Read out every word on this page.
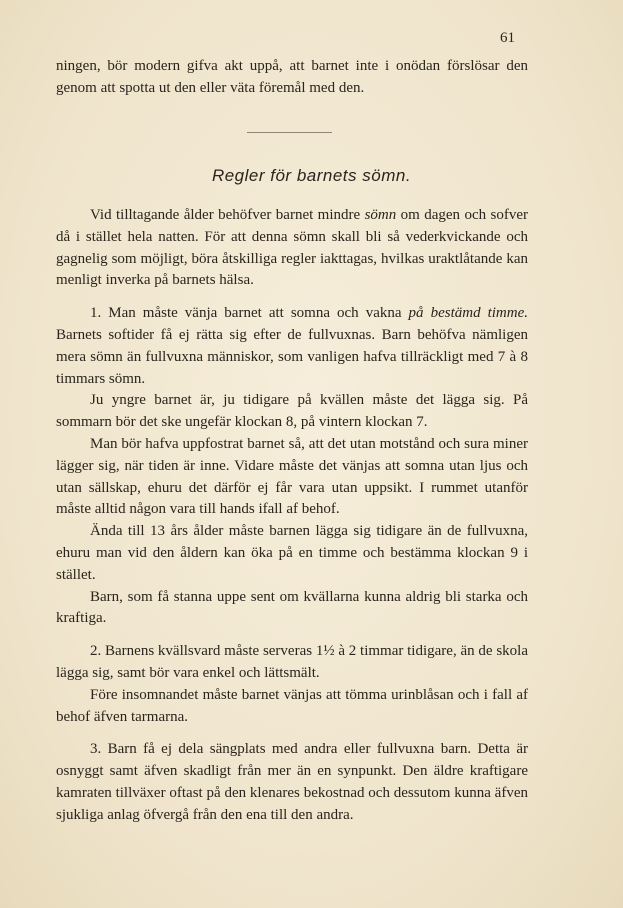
61

ningen, bör modern gifva akt uppå, att barnet inte i onödan förslösar den genom att spotta ut den eller väta föremål med den.

Regler för barnets sömn.

Vid tilltagande ålder behöfver barnet mindre sömn om dagen och sofver då i stället hela natten. För att denna sömn skall bli så vederkvickande och gagnelig som möjligt, böra åtskilliga regler iakttagas, hvilkas uraktlåtande kan menligt inverka på barnets hälsa.

1. Man måste vänja barnet att somna och vakna på bestämd timme. Barnets softider få ej rätta sig efter de fullvuxnas. Barn behöfva nämligen mera sömn än fullvuxna människor, som vanligen hafva tillräckligt med 7 à 8 timmars sömn.

Ju yngre barnet är, ju tidigare på kvällen måste det lägga sig. På sommarn bör det ske ungefär klockan 8, på vintern klockan 7.

Man bör hafva uppfostrat barnet så, att det utan motstånd och sura miner lägger sig, när tiden är inne. Vidare måste det vänjas att somna utan ljus och utan sällskap, ehuru det därför ej får vara utan uppsikt. I rummet utanför måste alltid någon vara till hands ifall af behof.

Ända till 13 års ålder måste barnen lägga sig tidigare än de fullvuxna, ehuru man vid den åldern kan öka på en timme och bestämma klockan 9 i stället.

Barn, som få stanna uppe sent om kvällarna kunna aldrig bli starka och kraftiga.

2. Barnens kvällsvard måste serveras 1½ à 2 timmar tidigare, än de skola lägga sig, samt bör vara enkel och lättsmält.

Före insomnandet måste barnet vänjas att tömma urinblåsan och i fall af behof äfven tarmarna.

3. Barn få ej dela sängplats med andra eller fullvuxna barn. Detta är osnyggt samt äfven skadligt från mer än en synpunkt. Den äldre kraftigare kamraten tillväxer oftast på den klenares bekostnad och dessutom kunna äfven sjukliga anlag öfvergå från den ena till den andra.
